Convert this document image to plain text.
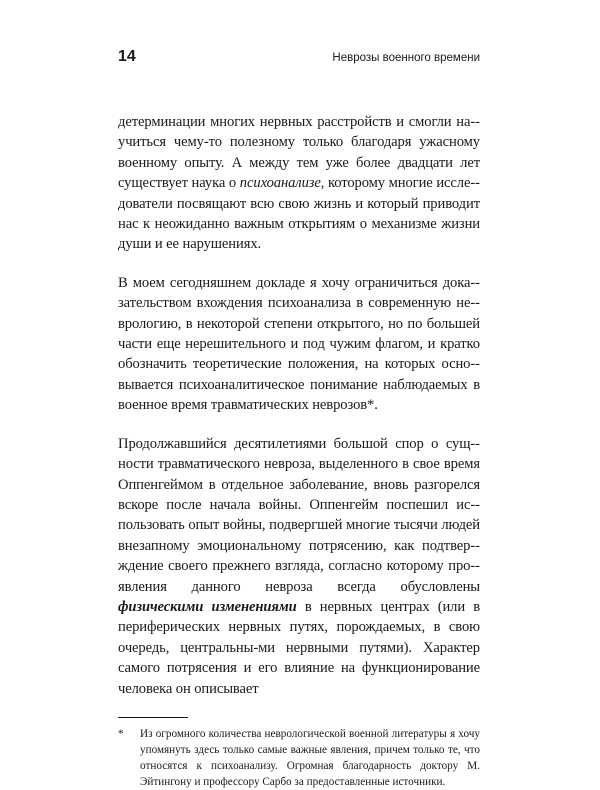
14	Неврозы военного времени

детерминации многих нервных расстройств и смогли на-учиться чему-то полезному только благодаря ужасному военному опыту. А между тем уже более двадцати лет существует наука о психоанализе, которому многие иссле-дователи посвящают всю свою жизнь и который приводит нас к неожиданно важным открытиям о механизме жизни души и ее нарушениях.

В моем сегодняшнем докладе я хочу ограничиться дока-зательством вхождения психоанализа в современную не-врологию, в некоторой степени открытого, но по большей части еще нерешительного и под чужим флагом, и кратко обозначить теоретические положения, на которых осно-вывается психоаналитическое понимание наблюдаемых в военное время травматических неврозов*.

Продолжавшийся десятилетиями большой спор о сущ-ности травматического невроза, выделенного в свое время Оппенгеймом в отдельное заболевание, вновь разгорелся вскоре после начала войны. Оппенгейм поспешил ис-пользовать опыт войны, подвергшей многие тысячи людей внезапному эмоциональному потрясению, как подтвер-ждение своего прежнего взгляда, согласно которому про-явления данного невроза всегда обусловлены физическими изменениями в нервных центрах (или в периферических нервных путях, порождаемых, в свою очередь, центральны-ми нервными путями). Характер самого потрясения и его влияние на функционирование человека он описывает

*	Из огромного количества неврологической военной литературы я хочу упомянуть здесь только самые важные явления, причем только те, что относятся к психоанализу. Огромная благодарность доктору М. Эйтингону и профессору Сарбо за предоставленные источники.
